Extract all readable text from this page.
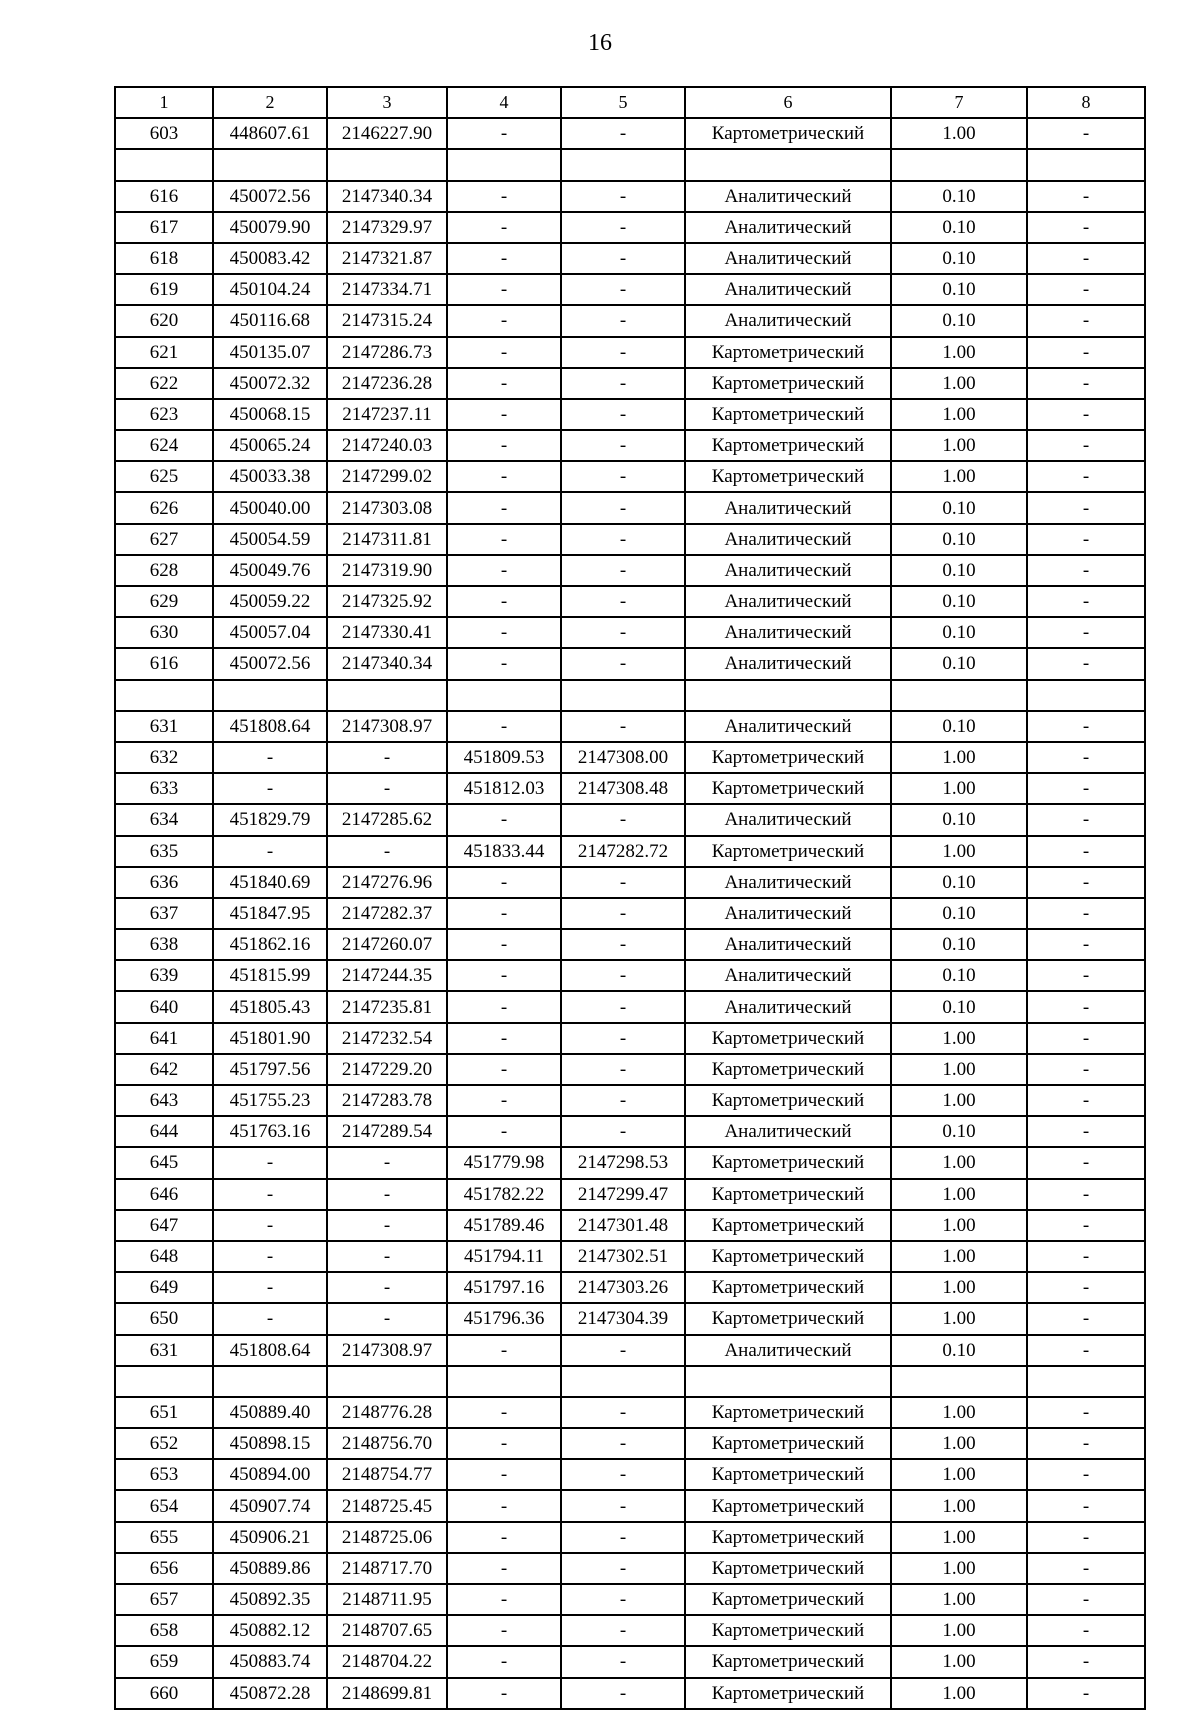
16
1	2	3	4	5	6	7	8
603	448607.61	2146227.90	-	-	Картометрический	1.00	-

616	450072.56	2147340.34	-	-	Аналитический	0.10	-
617	450079.90	2147329.97	-	-	Аналитический	0.10	-
618	450083.42	2147321.87	-	-	Аналитический	0.10	-
619	450104.24	2147334.71	-	-	Аналитический	0.10	-
620	450116.68	2147315.24	-	-	Аналитический	0.10	-
621	450135.07	2147286.73	-	-	Картометрический	1.00	-
622	450072.32	2147236.28	-	-	Картометрический	1.00	-
623	450068.15	2147237.11	-	-	Картометрический	1.00	-
624	450065.24	2147240.03	-	-	Картометрический	1.00	-
625	450033.38	2147299.02	-	-	Картометрический	1.00	-
626	450040.00	2147303.08	-	-	Аналитический	0.10	-
627	450054.59	2147311.81	-	-	Аналитический	0.10	-
628	450049.76	2147319.90	-	-	Аналитический	0.10	-
629	450059.22	2147325.92	-	-	Аналитический	0.10	-
630	450057.04	2147330.41	-	-	Аналитический	0.10	-
616	450072.56	2147340.34	-	-	Аналитический	0.10	-

631	451808.64	2147308.97	-	-	Аналитический	0.10	-
632	-	-	451809.53	2147308.00	Картометрический	1.00	-
633	-	-	451812.03	2147308.48	Картометрический	1.00	-
634	451829.79	2147285.62	-	-	Аналитический	0.10	-
635	-	-	451833.44	2147282.72	Картометрический	1.00	-
636	451840.69	2147276.96	-	-	Аналитический	0.10	-
637	451847.95	2147282.37	-	-	Аналитический	0.10	-
638	451862.16	2147260.07	-	-	Аналитический	0.10	-
639	451815.99	2147244.35	-	-	Аналитический	0.10	-
640	451805.43	2147235.81	-	-	Аналитический	0.10	-
641	451801.90	2147232.54	-	-	Картометрический	1.00	-
642	451797.56	2147229.20	-	-	Картометрический	1.00	-
643	451755.23	2147283.78	-	-	Картометрический	1.00	-
644	451763.16	2147289.54	-	-	Аналитический	0.10	-
645	-	-	451779.98	2147298.53	Картометрический	1.00	-
646	-	-	451782.22	2147299.47	Картометрический	1.00	-
647	-	-	451789.46	2147301.48	Картометрический	1.00	-
648	-	-	451794.11	2147302.51	Картометрический	1.00	-
649	-	-	451797.16	2147303.26	Картометрический	1.00	-
650	-	-	451796.36	2147304.39	Картометрический	1.00	-
631	451808.64	2147308.97	-	-	Аналитический	0.10	-

651	450889.40	2148776.28	-	-	Картометрический	1.00	-
652	450898.15	2148756.70	-	-	Картометрический	1.00	-
653	450894.00	2148754.77	-	-	Картометрический	1.00	-
654	450907.74	2148725.45	-	-	Картометрический	1.00	-
655	450906.21	2148725.06	-	-	Картометрический	1.00	-
656	450889.86	2148717.70	-	-	Картометрический	1.00	-
657	450892.35	2148711.95	-	-	Картометрический	1.00	-
658	450882.12	2148707.65	-	-	Картометрический	1.00	-
659	450883.74	2148704.22	-	-	Картометрический	1.00	-
660	450872.28	2148699.81	-	-	Картометрический	1.00	-
